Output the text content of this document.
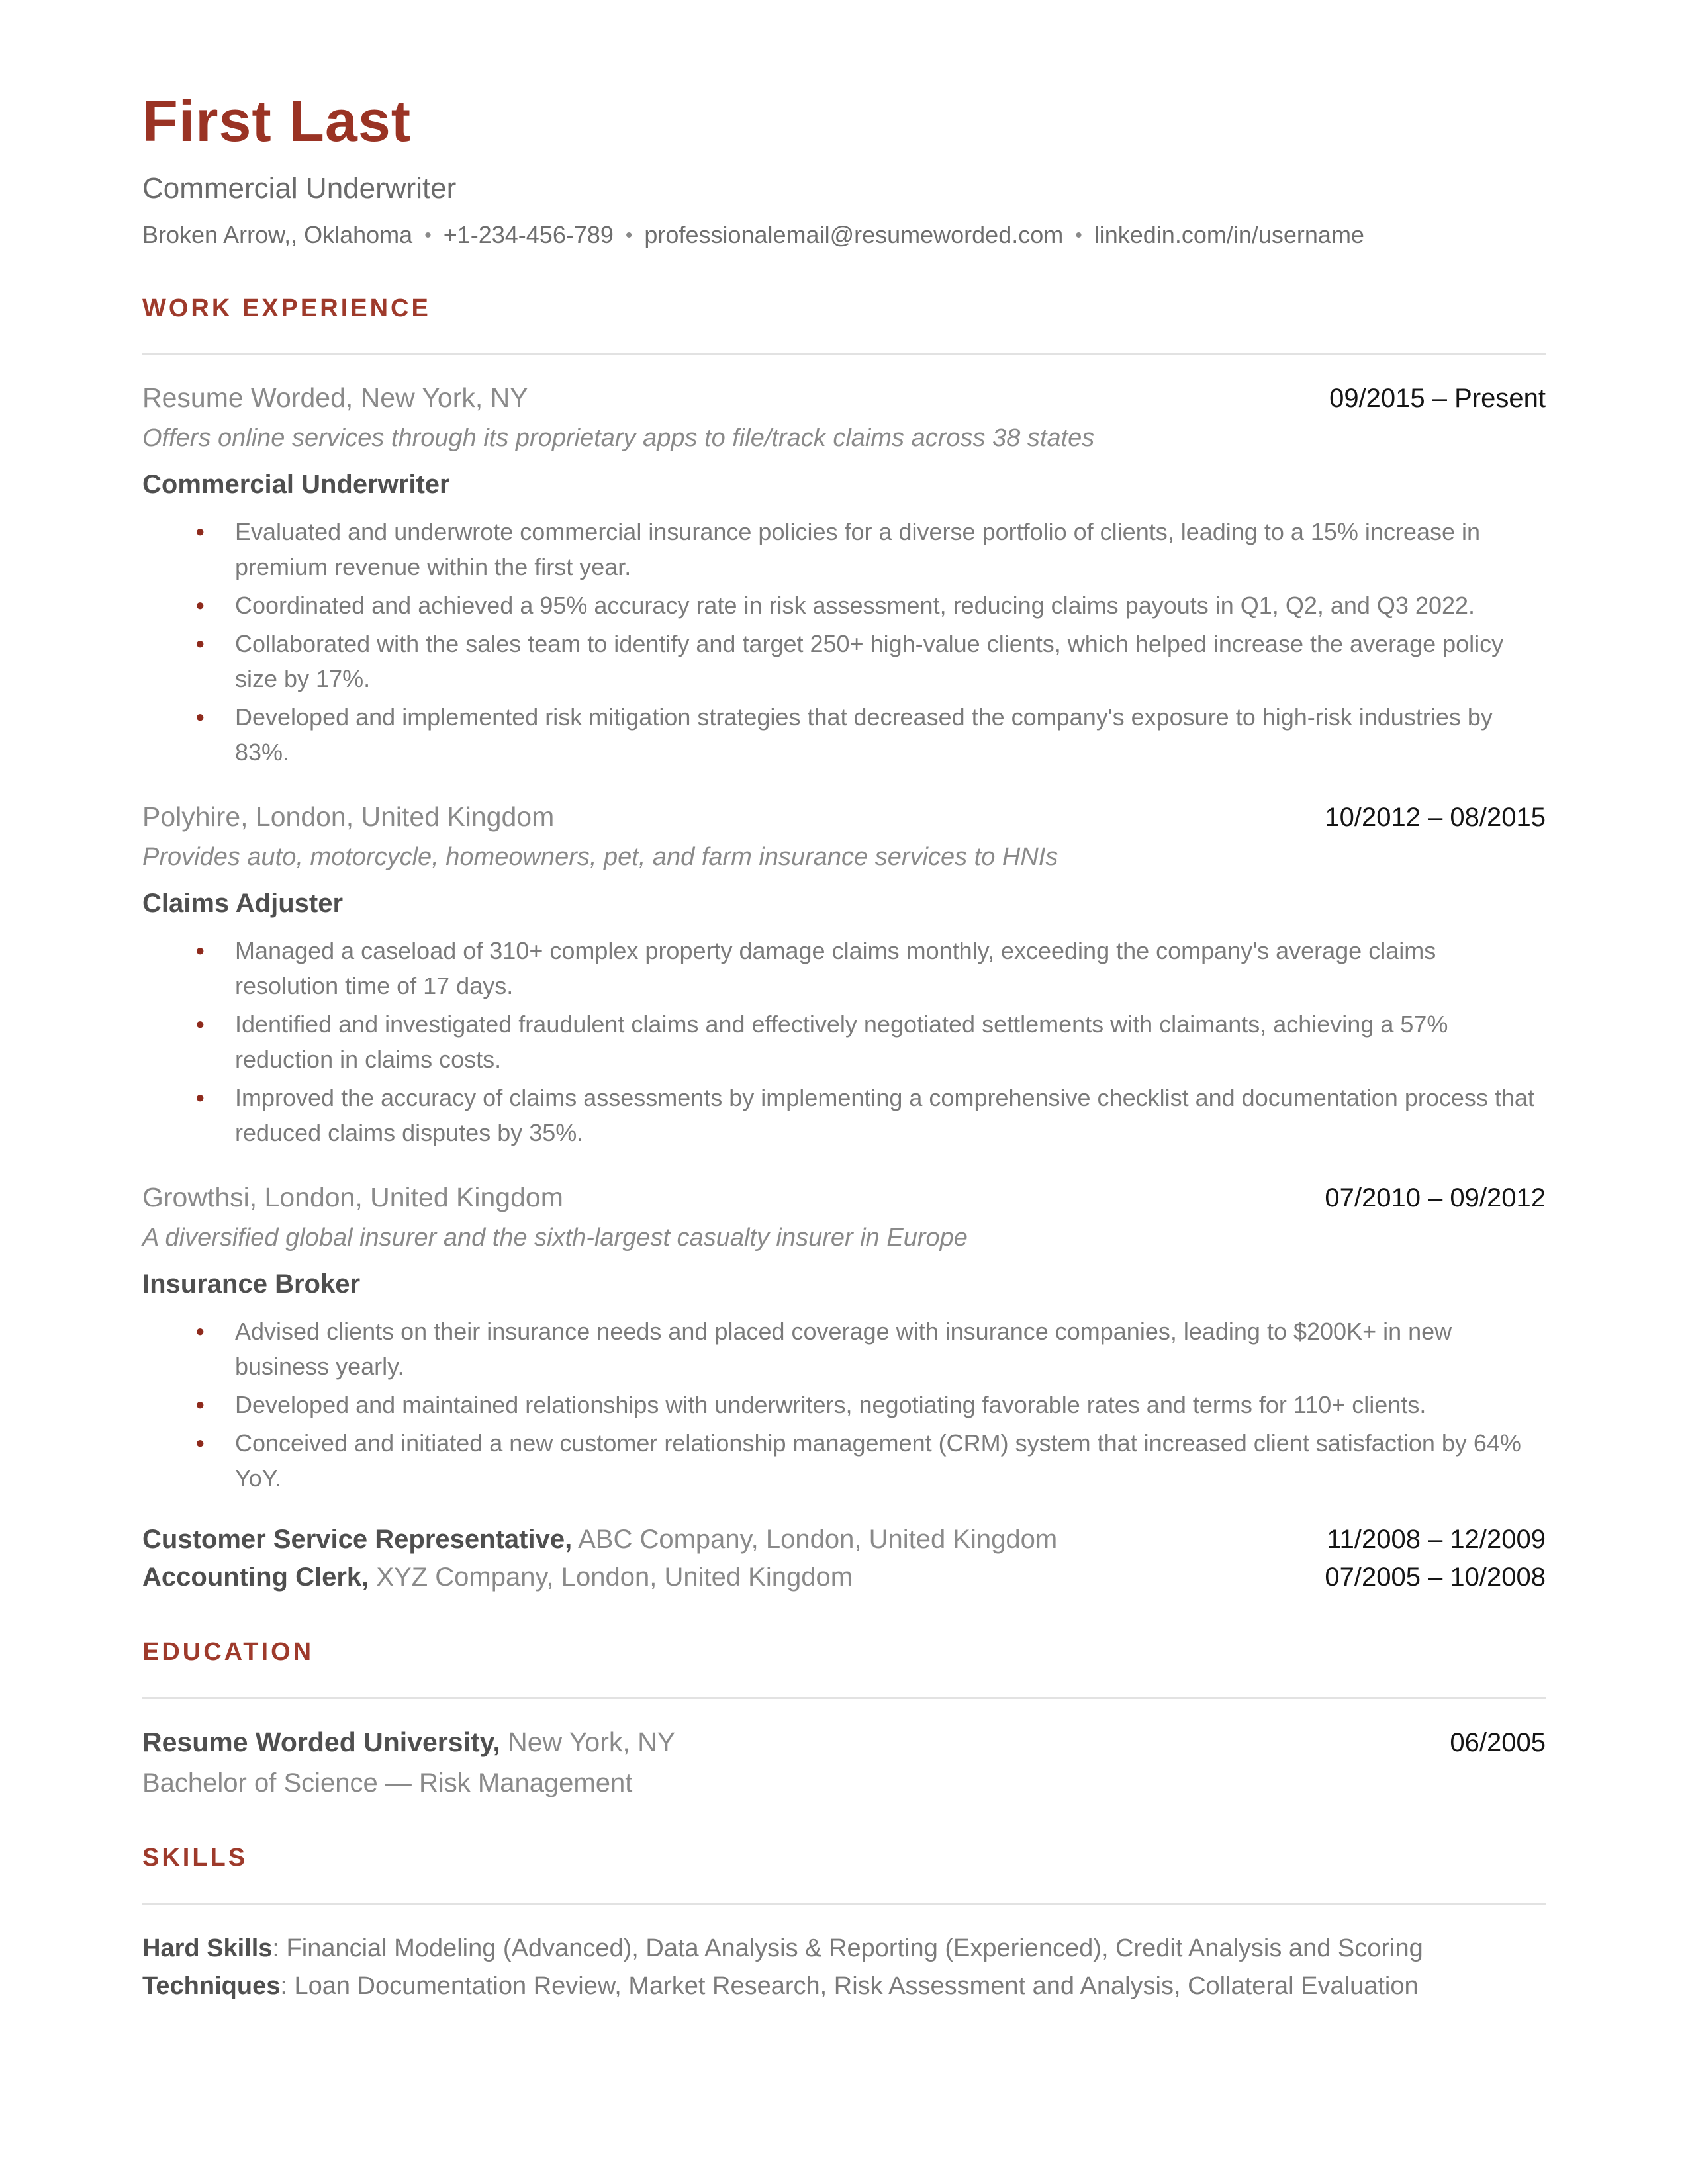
First Last
Commercial Underwriter
Broken Arrow,, Oklahoma • +1-234-456-789 • professionalemail@resumeworded.com • linkedin.com/in/username
WORK EXPERIENCE
Resume Worded, New York, NY	09/2015 – Present
Offers online services through its proprietary apps to file/track claims across 38 states
Commercial Underwriter
●	Evaluated and underwrote commercial insurance policies for a diverse portfolio of clients, leading to a 15% increase in premium revenue within the first year.
●	Coordinated and achieved a 95% accuracy rate in risk assessment, reducing claims payouts in Q1, Q2, and Q3 2022.
●	Collaborated with the sales team to identify and target 250+ high-value clients, which helped increase the average policy size by 17%.
●	Developed and implemented risk mitigation strategies that decreased the company's exposure to high-risk industries by 83%.
Polyhire, London, United Kingdom	10/2012 – 08/2015
Provides auto, motorcycle, homeowners, pet, and farm insurance services to HNIs
Claims Adjuster
●	Managed a caseload of 310+ complex property damage claims monthly, exceeding the company's average claims resolution time of 17 days.
●	Identified and investigated fraudulent claims and effectively negotiated settlements with claimants, achieving a 57% reduction in claims costs.
●	Improved the accuracy of claims assessments by implementing a comprehensive checklist and documentation process that reduced claims disputes by 35%.
Growthsi, London, United Kingdom	07/2010 – 09/2012
A diversified global insurer and the sixth-largest casualty insurer in Europe
Insurance Broker
●	Advised clients on their insurance needs and placed coverage with insurance companies, leading to $200K+ in new business yearly.
●	Developed and maintained relationships with underwriters, negotiating favorable rates and terms for 110+ clients.
●	Conceived and initiated a new customer relationship management (CRM) system that increased client satisfaction by 64% YoY.
Customer Service Representative, ABC Company, London, United Kingdom	11/2008 – 12/2009
Accounting Clerk, XYZ Company, London, United Kingdom	07/2005 – 10/2008
EDUCATION
Resume Worded University, New York, NY	06/2005
Bachelor of Science — Risk Management
SKILLS
Hard Skills: Financial Modeling (Advanced), Data Analysis & Reporting (Experienced), Credit Analysis and Scoring
Techniques: Loan Documentation Review, Market Research, Risk Assessment and Analysis, Collateral Evaluation
